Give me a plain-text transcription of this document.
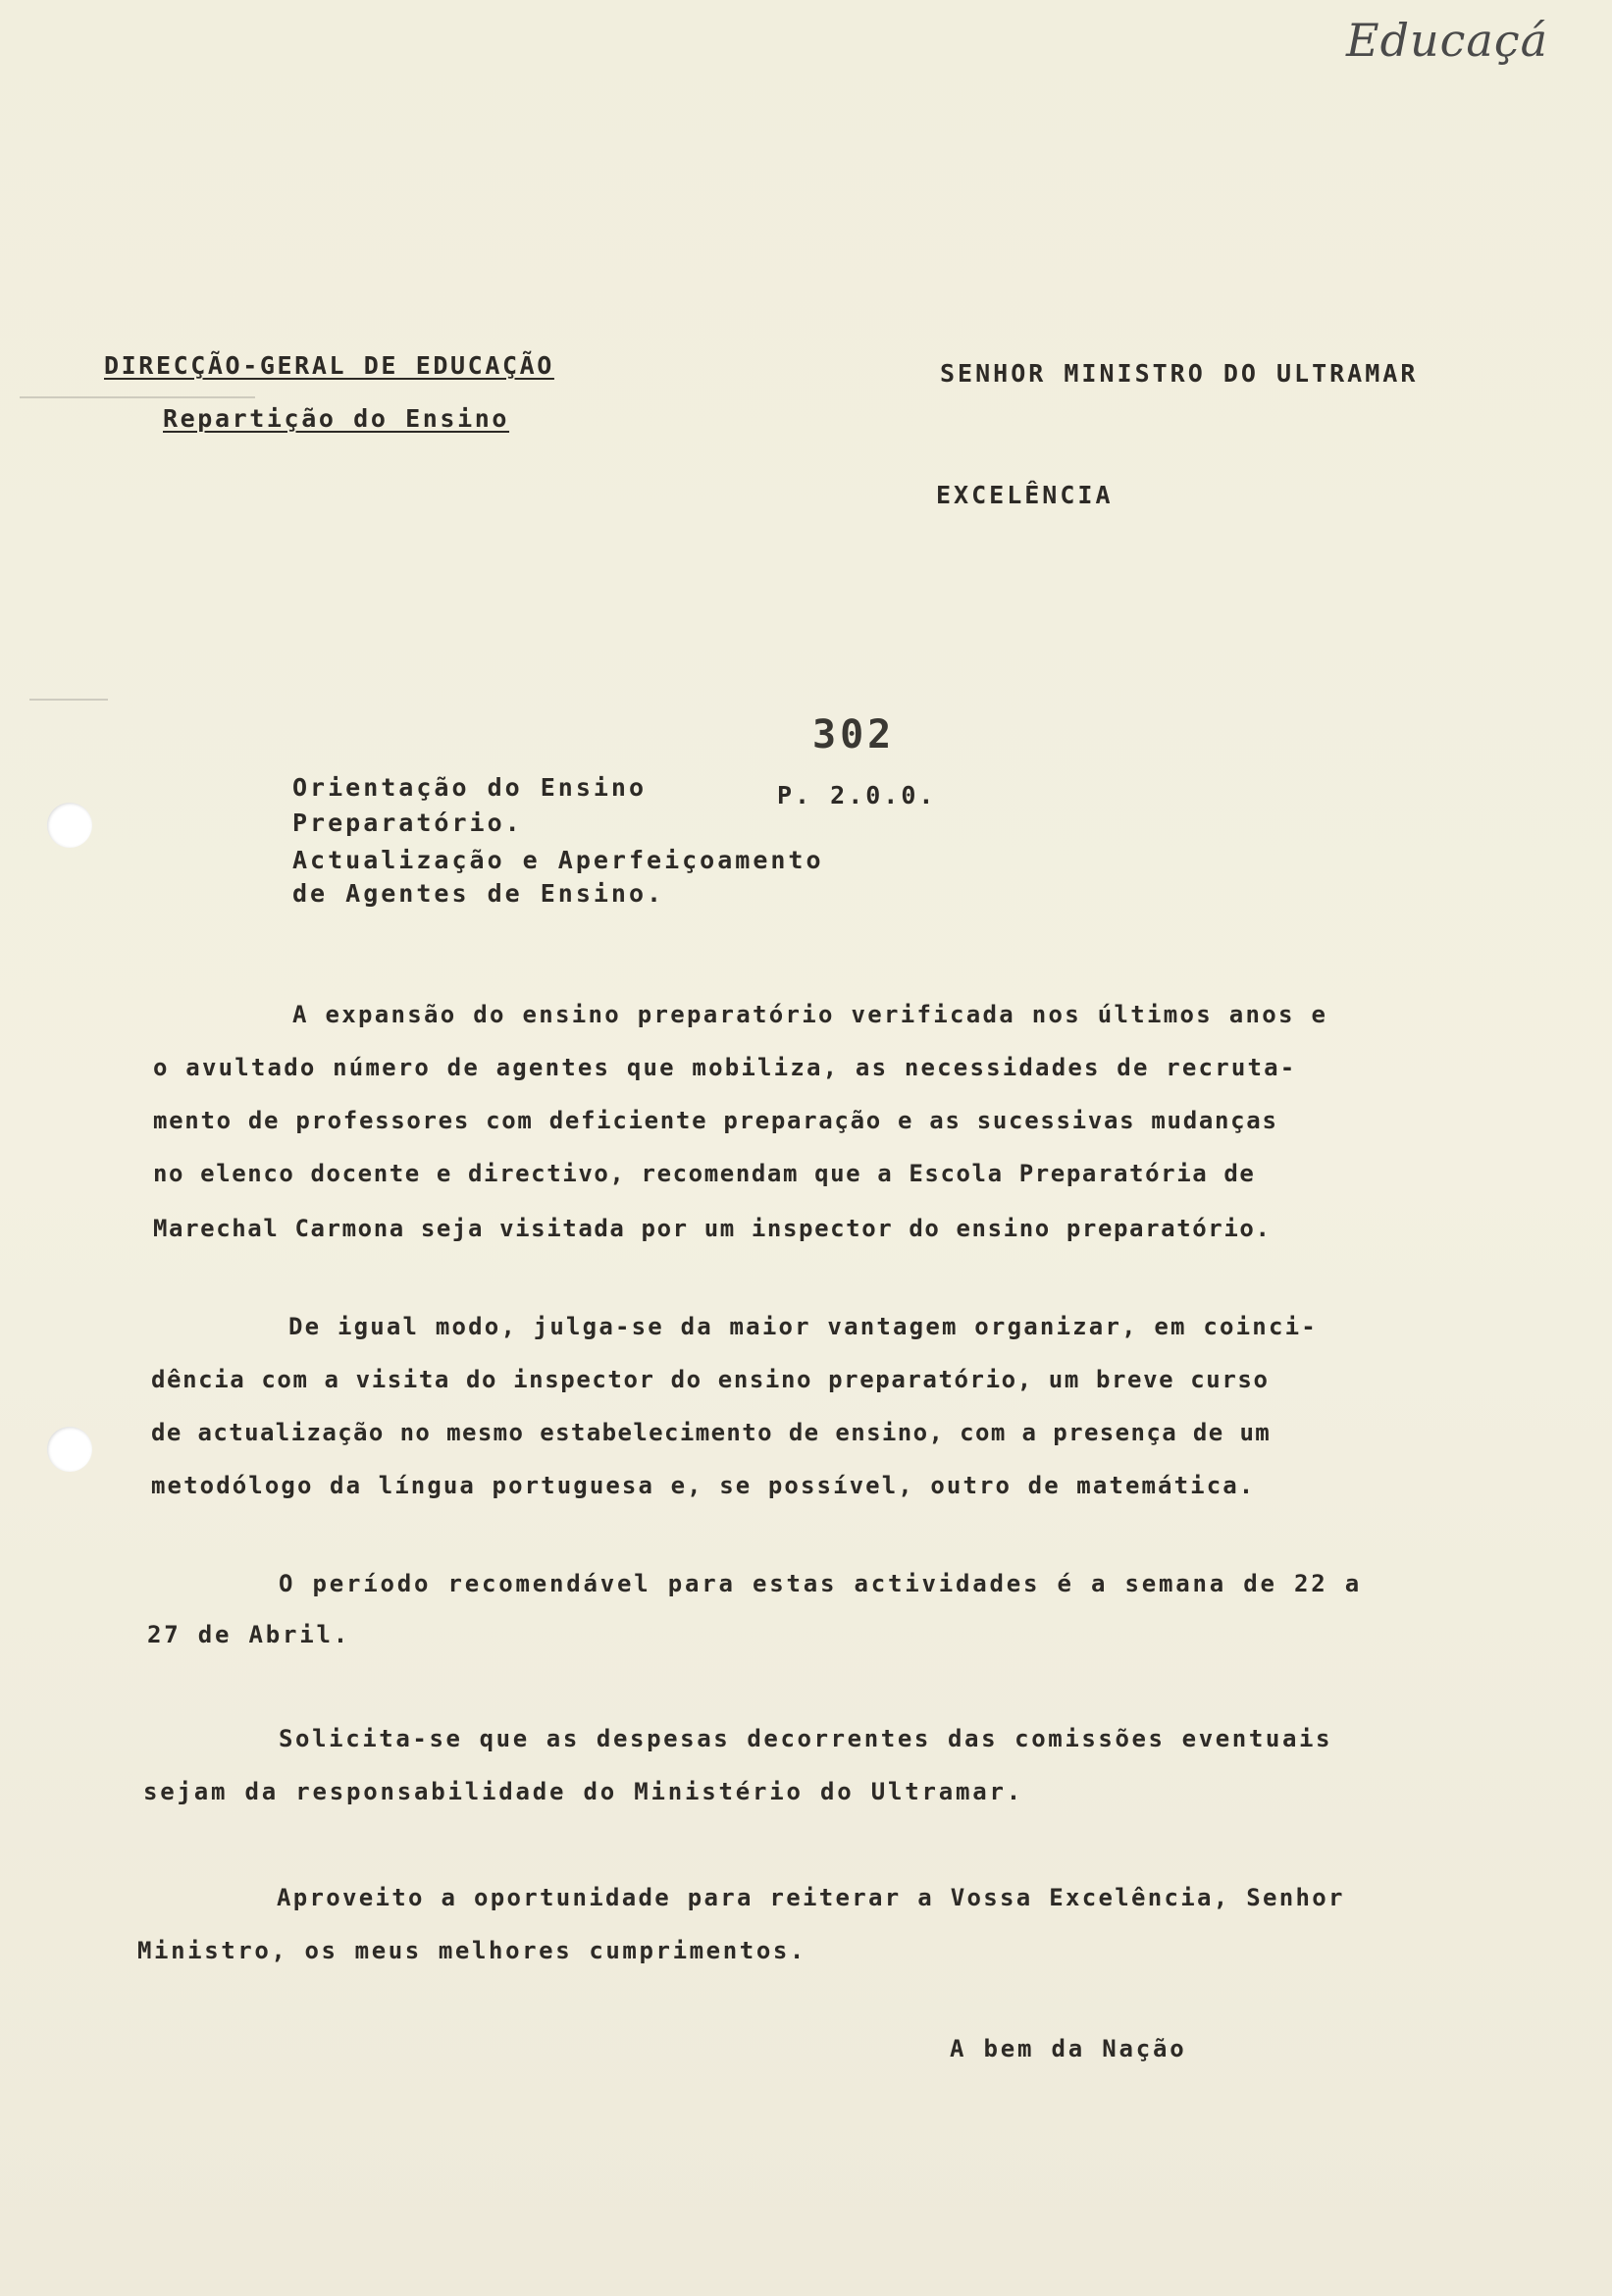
Educaçá
DIRECÇÃO-GERAL DE EDUCAÇÃO
Repartição do Ensino
SENHOR MINISTRO DO ULTRAMAR
EXCELÊNCIA
302
Orientação do Ensino	P. 2.0.0.
Preparatório.
Actualização e Aperfeiçoamento
de Agentes de Ensino.
A expansão do ensino preparatório verificada nos últimos anos e
o avultado número de agentes que mobiliza, as necessidades de recruta-
mento de professores com deficiente preparação e as sucessivas mudanças
no elenco docente e directivo, recomendam que a Escola Preparatória de
Marechal Carmona seja visitada por um inspector do ensino preparatório.
De igual modo, julga-se da maior vantagem organizar, em coinci-
dência com a visita do inspector do ensino preparatório, um breve curso
de actualização no mesmo estabelecimento de ensino, com a presença de um
metodólogo da língua portuguesa e, se possível, outro de matemática.
O período recomendável para estas actividades é a semana de 22 a
27 de Abril.
Solicita-se que as despesas decorrentes das comissões eventuais
sejam da responsabilidade do Ministério do Ultramar.
Aproveito a oportunidade para reiterar a Vossa Excelência, Senhor
Ministro, os meus melhores cumprimentos.
A bem da Nação
